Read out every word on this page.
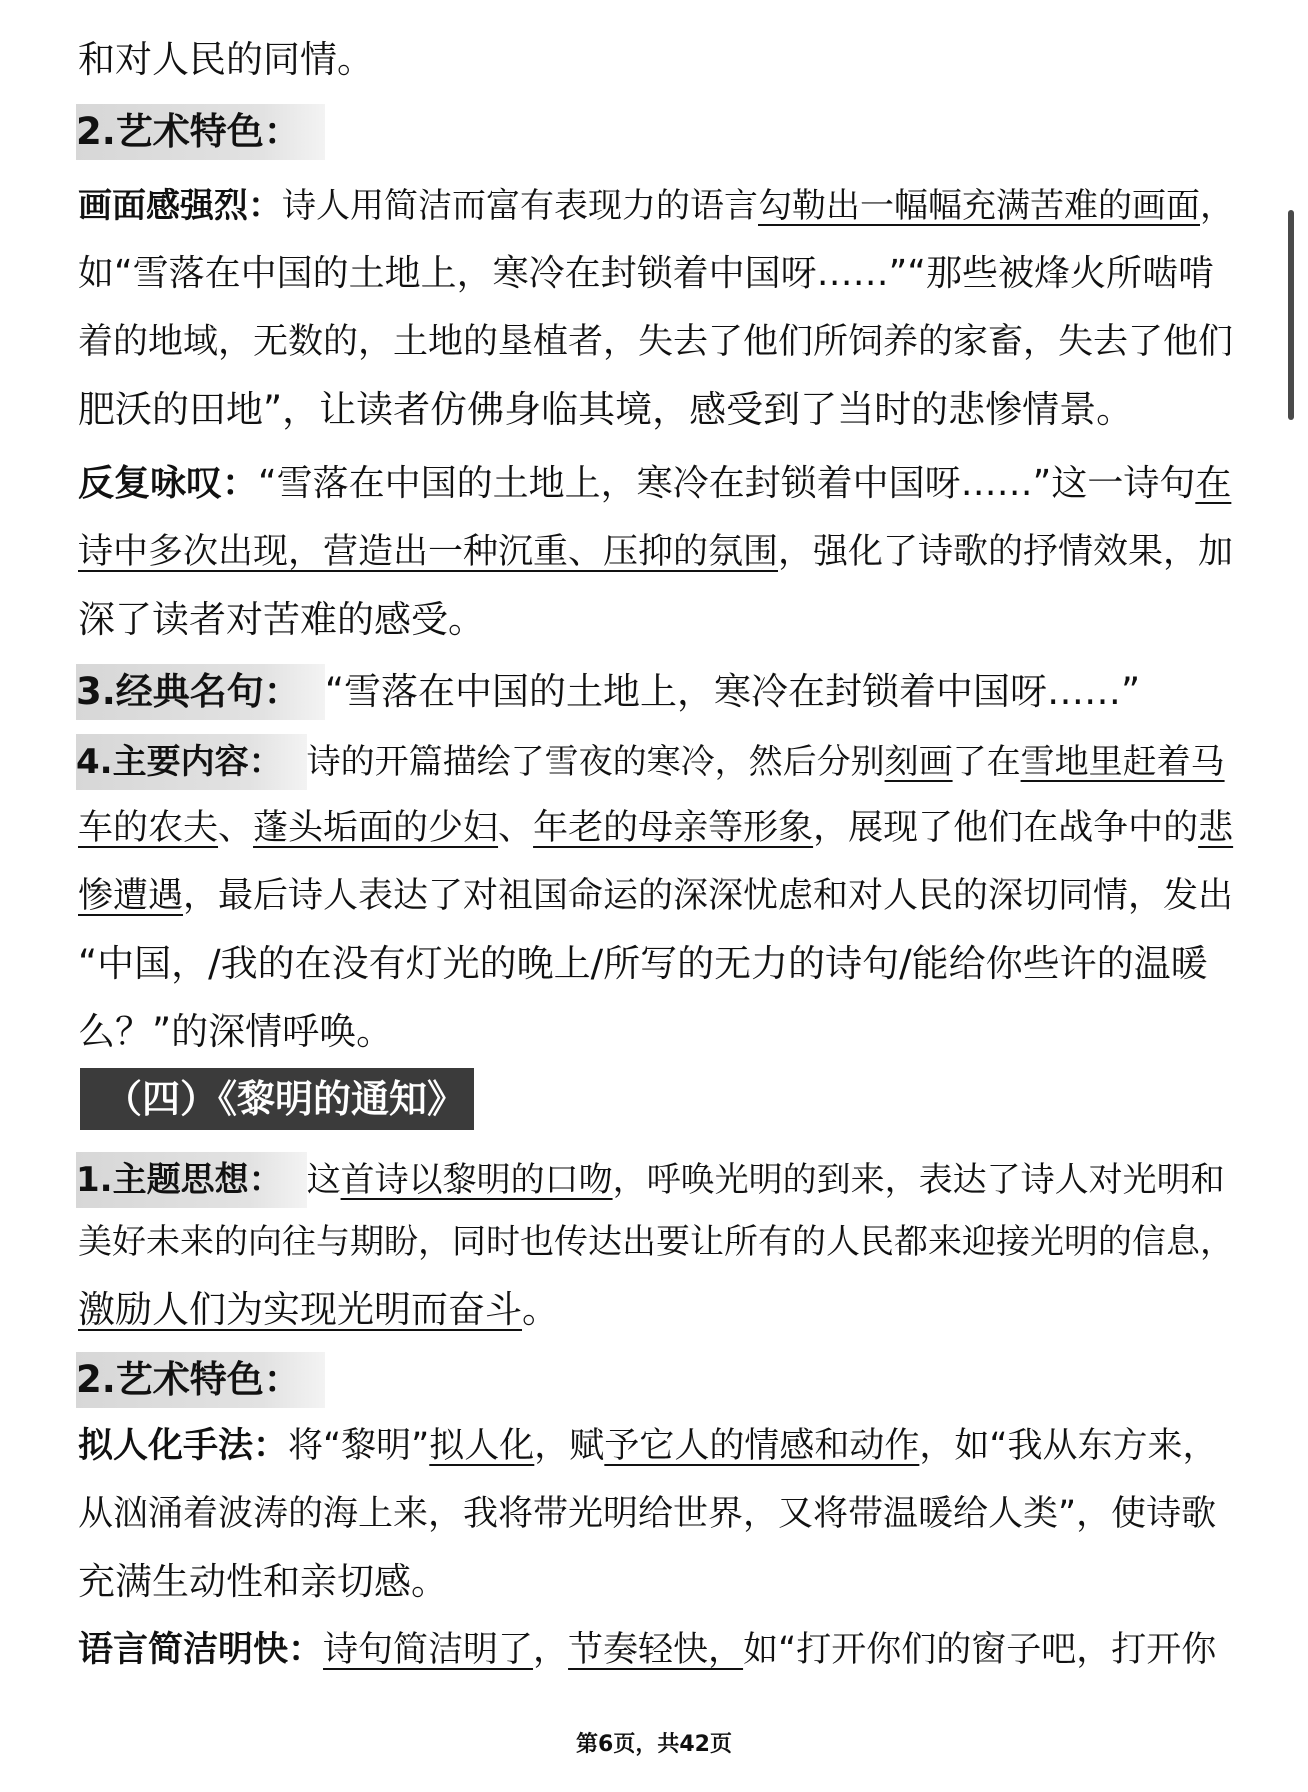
和对人民的同情。
2.艺术特色：
画面感强烈：诗人用简洁而富有表现力的语言勾勒出一幅幅充满苦难的画面，
如“雪落在中国的土地上，寒冷在封锁着中国呀……”“那些被烽火所啮啃
着的地域，无数的，土地的垦植者，失去了他们所饲养的家畜，失去了他们
肥沃的田地”，让读者仿佛身临其境，感受到了当时的悲惨情景。
反复咏叹：“雪落在中国的土地上，寒冷在封锁着中国呀……”这一诗句在
诗中多次出现，营造出一种沉重、压抑的氛围，强化了诗歌的抒情效果，加
深了读者对苦难的感受。
3.经典名句： “雪落在中国的土地上，寒冷在封锁着中国呀……”
4.主要内容： 诗的开篇描绘了雪夜的寒冷，然后分别刻画了在雪地里赶着马
车的农夫、蓬头垢面的少妇、年老的母亲等形象，展现了他们在战争中的悲
惨遭遇，最后诗人表达了对祖国命运的深深忧虑和对人民的深切同情，发出
“中国，/我的在没有灯光的晚上/所写的无力的诗句/能给你些许的温暖
么？”的深情呼唤。
（四）《黎明的通知》
1.主题思想： 这首诗以黎明的口吻，呼唤光明的到来，表达了诗人对光明和
美好未来的向往与期盼，同时也传达出要让所有的人民都来迎接光明的信息，
激励人们为实现光明而奋斗。
2.艺术特色：
拟人化手法：将“黎明”拟人化，赋予它人的情感和动作，如“我从东方来，
从汹涌着波涛的海上来，我将带光明给世界，又将带温暖给人类”，使诗歌
充满生动性和亲切感。
语言简洁明快：诗句简洁明了，节奏轻快，如“打开你们的窗子吧，打开你
第6页，共42页
